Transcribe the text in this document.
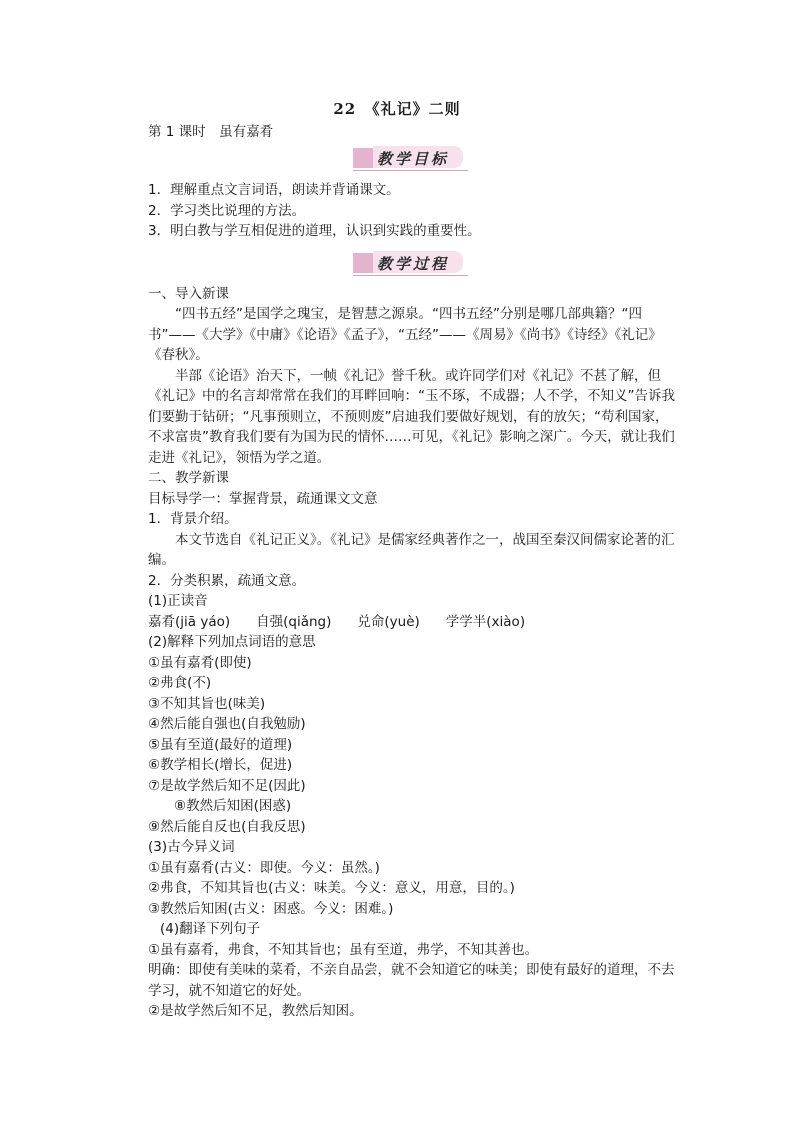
22　《礼记》二则
第 1 课时　虽有嘉肴
教学目标
教学过程

1．理解重点文言词语，朗读并背诵课文。

2．学习类比说理的方法。

3．明白教与学互相促进的道理，认识到实践的重要性。

一、导入新课

“四书五经”是国学之瑰宝，是智慧之源泉。“四书五经”分别是哪几部典籍？“四书”——《大学》《中庸》《论语》《孟子》，“五经”——《周易》《尚书》《诗经》《礼记》《春秋》。

半部《论语》治天下，一帧《礼记》誉千秋。或许同学们对《礼记》不甚了解，但《礼记》中的名言却常常在我们的耳畔回响：“玉不琢，不成器；人不学，不知义”告诉我们要勤于钻研；“凡事预则立，不预则废”启迪我们要做好规划，有的放矢；“苟利国家，不求富贵”教育我们要有为国为民的情怀……可见，《礼记》影响之深广。今天，就让我们走进《礼记》，领悟为学之道。

二、教学新课

目标导学一：掌握背景，疏通课文文意

1．背景介绍。

本文节选自《礼记正义》。《礼记》是儒家经典著作之一，战国至秦汉间儒家论著的汇编。

2．分类积累，疏通文意。

(1)正读音

嘉肴(jiā yáo) 自强(qiǎng) 兑命(yuè) 学学半(xiào)

(2)解释下列加点词语的意思

①虽有嘉肴(即使)

②弗食(不)

③不知其旨也(味美)

④然后能自强也(自我勉励)

⑤虽有至道(最好的道理)

⑥教学相长(增长，促进)

⑦是故学然后知不足(因此)

⑧教然后知困(困惑)

⑨然后能自反也(自我反思)

(3)古今异义词

①虽有嘉肴(古义：即使。今义：虽然。)

②弗食，不知其旨也(古义：味美。今义：意义，用意，目的。)

③教然后知困(古义：困惑。今义：困难。)

(4)翻译下列句子

①虽有嘉肴，弗食，不知其旨也；虽有至道，弗学，不知其善也。

明确：即使有美味的菜肴，不亲自品尝，就不会知道它的味美；即使有最好的道理，不去学习，就不知道它的好处。

②是故学然后知不足，教然后知困。
